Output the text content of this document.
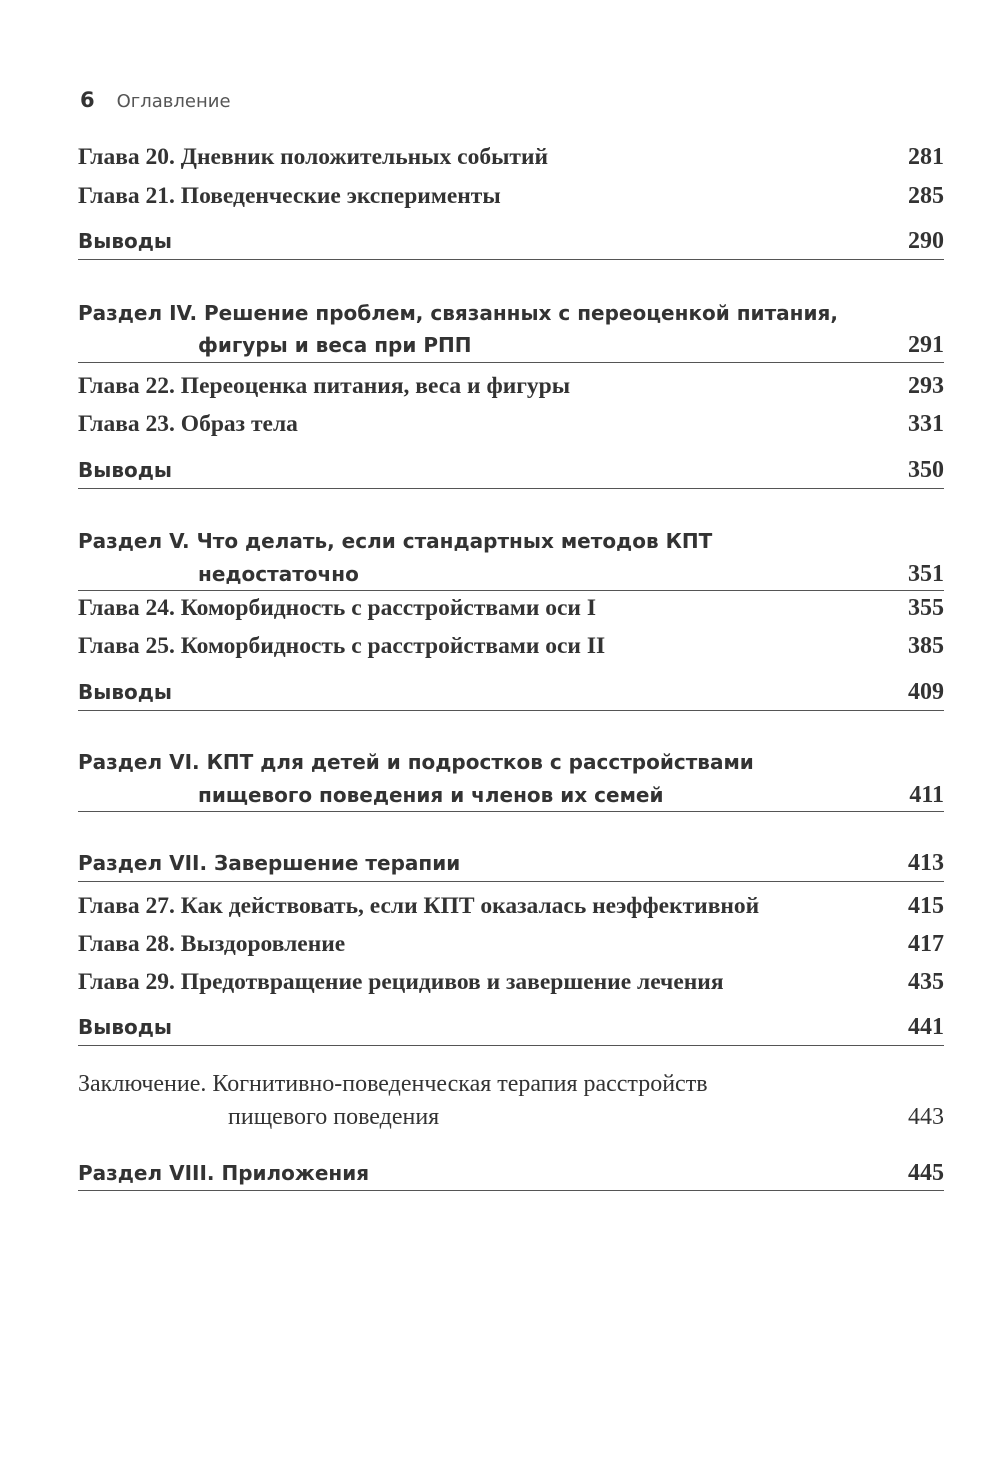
6 Оглавление
Глава 20. Дневник положительных событий	281
Глава 21. Поведенческие эксперименты	285
Выводы	290
Раздел IV. Решение проблем, связанных с переоценкой питания,
фигуры и веса при РПП	291
Глава 22. Переоценка питания, веса и фигуры	293
Глава 23. Образ тела	331
Выводы	350
Раздел V. Что делать, если стандартных методов КПТ
недостаточно	351
Глава 24. Коморбидность с расстройствами оси I	355
Глава 25. Коморбидность с расстройствами оси II	385
Выводы	409
Раздел VI. КПТ для детей и подростков с расстройствами
пищевого поведения и членов их семей	411
Раздел VII. Завершение терапии	413
Глава 27. Как действовать, если КПТ оказалась неэффективной	415
Глава 28. Выздоровление	417
Глава 29. Предотвращение рецидивов и завершение лечения	435
Выводы	441
Заключение. Когнитивно-поведенческая терапия расстройств
пищевого поведения	443
Раздел VIII. Приложения	445
